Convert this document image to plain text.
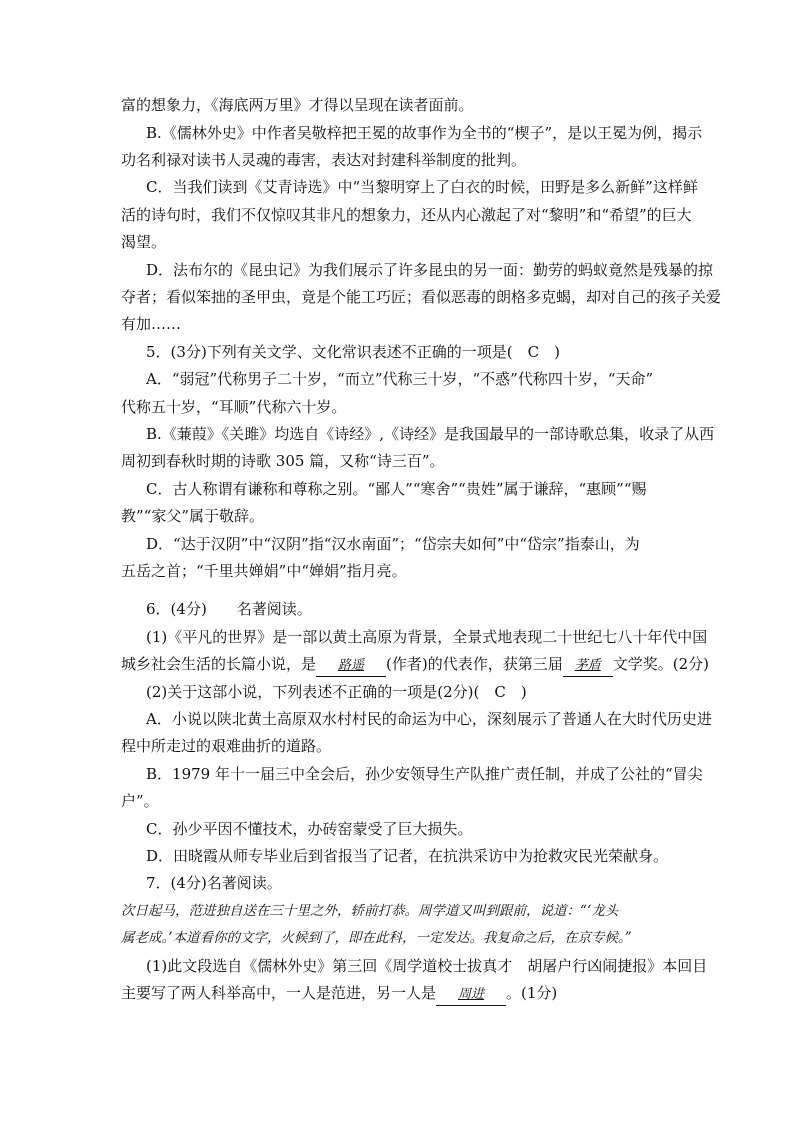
富的想象力，《海底两万里》才得以呈现在读者面前。
B.《儒林外史》中作者吴敬梓把王冕的故事作为全书的“楔子”，是以王冕为例，揭示
功名利禄对读书人灵魂的毒害，表达对封建科举制度的批判。
C．当我们读到《艾青诗选》中“当黎明穿上了白衣的时候，田野是多么新鲜”这样鲜
活的诗句时，我们不仅惊叹其非凡的想象力，还从内心激起了对“黎明”和“希望”的巨大
渴望。
D．法布尔的《昆虫记》为我们展示了许多昆虫的另一面：勤劳的蚂蚁竟然是残暴的掠
夺者；看似笨拙的圣甲虫，竟是个能工巧匠；看似恶毒的朗格多克蝎，却对自己的孩子关爱
有加……
5．(3分)下列有关文学、文化常识表述不正确的一项是(　C　)
A．“弱冠”代称男子二十岁，“而立”代称三十岁，“不惑”代称四十岁，“天命”
代称五十岁，“耳顺”代称六十岁。
B.《蒹葭》《关雎》均选自《诗经》,《诗经》是我国最早的一部诗歌总集，收录了从西
周初到春秋时期的诗歌 305 篇，又称“诗三百”。
C．古人称谓有谦称和尊称之别。“鄙人”“寒舍”“贵姓”属于谦辞，“惠顾”“赐
教”“家父”属于敬辞。
D．“达于汉阴”中“汉阴”指“汉水南面”；“岱宗夫如何”中“岱宗”指泰山，为
五岳之首；“千里共婵娟”中“婵娟”指月亮。
6．(4分)　　名著阅读。
(1)《平凡的世界》是一部以黄土高原为背景，全景式地表现二十世纪七八十年代中国
城乡社会生活的长篇小说，是 路遥 (作者)的代表作，获第三届 茅盾 文学奖。(2分)
(2)关于这部小说，下列表述不正确的一项是(2分)(　C　)
A．小说以陕北黄土高原双水村村民的命运为中心，深刻展示了普通人在大时代历史进
程中所走过的艰难曲折的道路。
B．1979 年十一届三中全会后，孙少安领导生产队推广责任制，并成了公社的“冒尖
户”。
C．孙少平因不懂技术，办砖窑蒙受了巨大损失。
D．田晓霞从师专毕业后到省报当了记者，在抗洪采访中为抢救灾民光荣献身。
7．(4分)名著阅读。
次日起马，范进独自送在三十里之外，轿前打恭。周学道又叫到跟前，说道：“‘龙头
属老成。’本道看你的文字，火候到了，即在此科，一定发达。我复命之后，在京专候。”
(1)此文段选自《儒林外史》第三回《周学道校士拔真才　胡屠户行凶闹捷报》本回目
主要写了两人科举高中，一人是范进，另一人是 周进 。(1分)
